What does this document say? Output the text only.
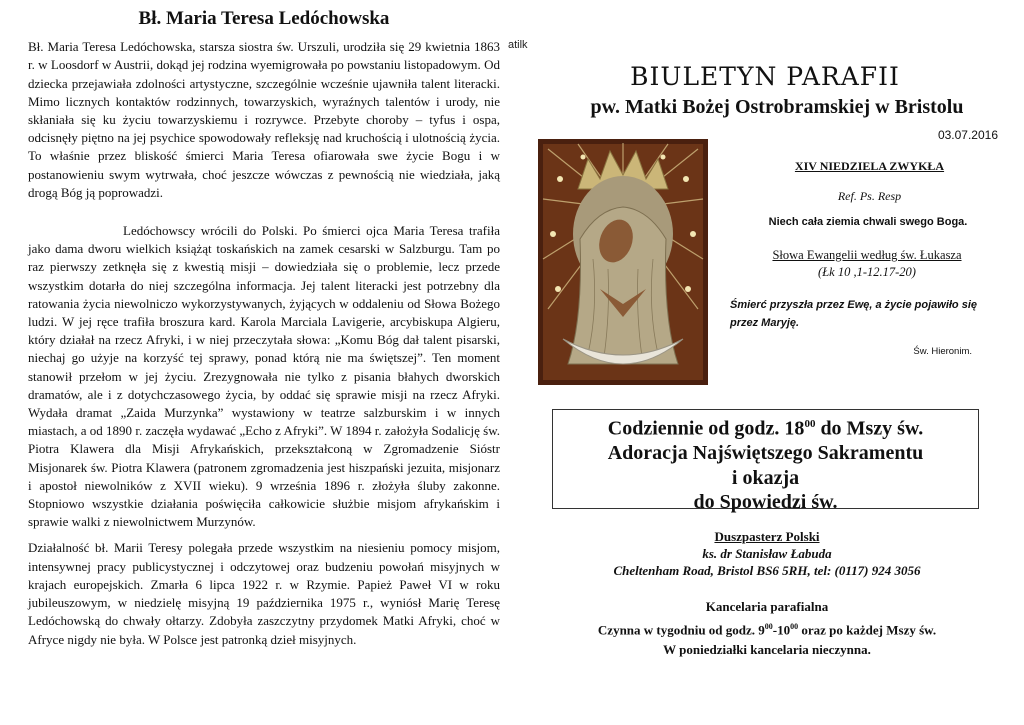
Bł. Maria Teresa Ledóchowska

Bł. Maria Teresa Ledóchowska, starsza siostra św. Urszuli, urodziła się 29 kwietnia 1863 r. w Loosdorf w Austrii, dokąd jej rodzina wyemigrowała po powstaniu listopadowym. Od dziecka przejawiała zdolności artystyczne, szczególnie wcześnie ujawniła talent literacki. Mimo licznych kontaktów rodzinnych, towarzyskich, wyraźnych talentów i urody, nie skłaniała się ku życiu towarzyskiemu i rozrywce. Przebyte choroby – tyfus i ospa, odcisnęły piętno na jej psychice spowodowały refleksję nad kruchością i ulotnością życia. To właśnie przez bliskość śmierci Maria Teresa ofiarowała swe życie Bogu i w postanowieniu swym wytrwała, choć jeszcze wówczas z pewnością nie wiedziała, jaką drogą Bóg ją poprowadzi.

Ledóchowscy wrócili do Polski. Po śmierci ojca Maria Teresa trafiła jako dama dworu wielkich książąt toskańskich na zamek cesarski w Salzburgu. Tam po raz pierwszy zetknęła się z kwestią misji – dowiedziała się o problemie, lecz przede wszystkim dotarła do niej szczególna informacja. Jej talent literacki jest potrzebny dla ratowania życia niewolniczo wykorzystywanych, żyjących w oddaleniu od Słowa Bożego ludzi. W jej ręce trafiła broszura kard. Karola Marciala Lavigerie, arcybiskupa Algieru, który działał na rzecz Afryki, i w niej przeczytała słowa: „Komu Bóg dał talent pisarski, niechaj go użyje na korzyść tej sprawy, ponad którą nie ma świętszej”. Ten moment stanowił przełom w jej życiu. Zrezygnowała nie tylko z pisania błahych dworskich dramatów, ale i z dotychczasowego życia, by oddać się sprawie misji na rzecz Afryki. Wydała dramat „Zaida Murzynka” wystawiony w teatrze salzburskim i w innych miastach, a od 1890 r. zaczęła wydawać „Echo z Afryki”. W 1894 r. założyła Sodalicję św. Piotra Klawera dla Misji Afrykańskich, przekształconą w Zgromadzenie Sióstr Misjonarek św. Piotra Klawera (patronem zgromadzenia jest hiszpański jezuita, misjonarz i apostoł niewolników z XVII wieku). 9 września 1896 r. złożyła śluby zakonne. Stopniowo wszystkie działania poświęciła całkowicie służbie misjom afrykańskim i sprawie walki z niewolnictwem Murzynów.

Działalność bł. Marii Teresy polegała przede wszystkim na niesieniu pomocy misjom, intensywnej pracy publicystycznej i odczytowej oraz budzeniu powołań misyjnych w krajach europejskich. Zmarła 6 lipca 1922 r. w Rzymie. Papież Paweł VI w roku jubileuszowym, w niedzielę misyjną 19 października 1975 r., wyniósł Marię Teresę Ledóchowską do chwały ołtarzy. Zdobyła zaszczytny przydomek Matki Afryki, choć w Afryce nigdy nie była. W Polsce jest patronką dzieł misyjnych.

atilk
BIULETYN PARAFII
pw. Matki Bożej Ostrobramskiej w Bristolu
03.07.2016
XIV NIEDZIELA ZWYKŁA
Ref. Ps. Resp
Niech cała ziemia chwali swego Boga.
Słowa Ewangelii według św. Łukasza
(Łk 10 ,1-12.17-20)
Śmierć przyszła przez Ewę, a życie pojawiło się przez Maryję.
Św. Hieronim.
Codziennie od godz. $18^{00}$ do Mszy św.
Adoracja Najświętszego Sakramentu
i okazja
do Spowiedzi św.
Duszpasterz Polski
ks. dr Stanisław Łabuda
Cheltenham Road, Bristol BS6 5RH, tel: (0117) 924 3056
Kancelaria parafialna
Czynna w tygodniu od godz. $9^{00}-10^{00}$ oraz po każdej Mszy św.
W poniedziałki kancelaria nieczynna.
